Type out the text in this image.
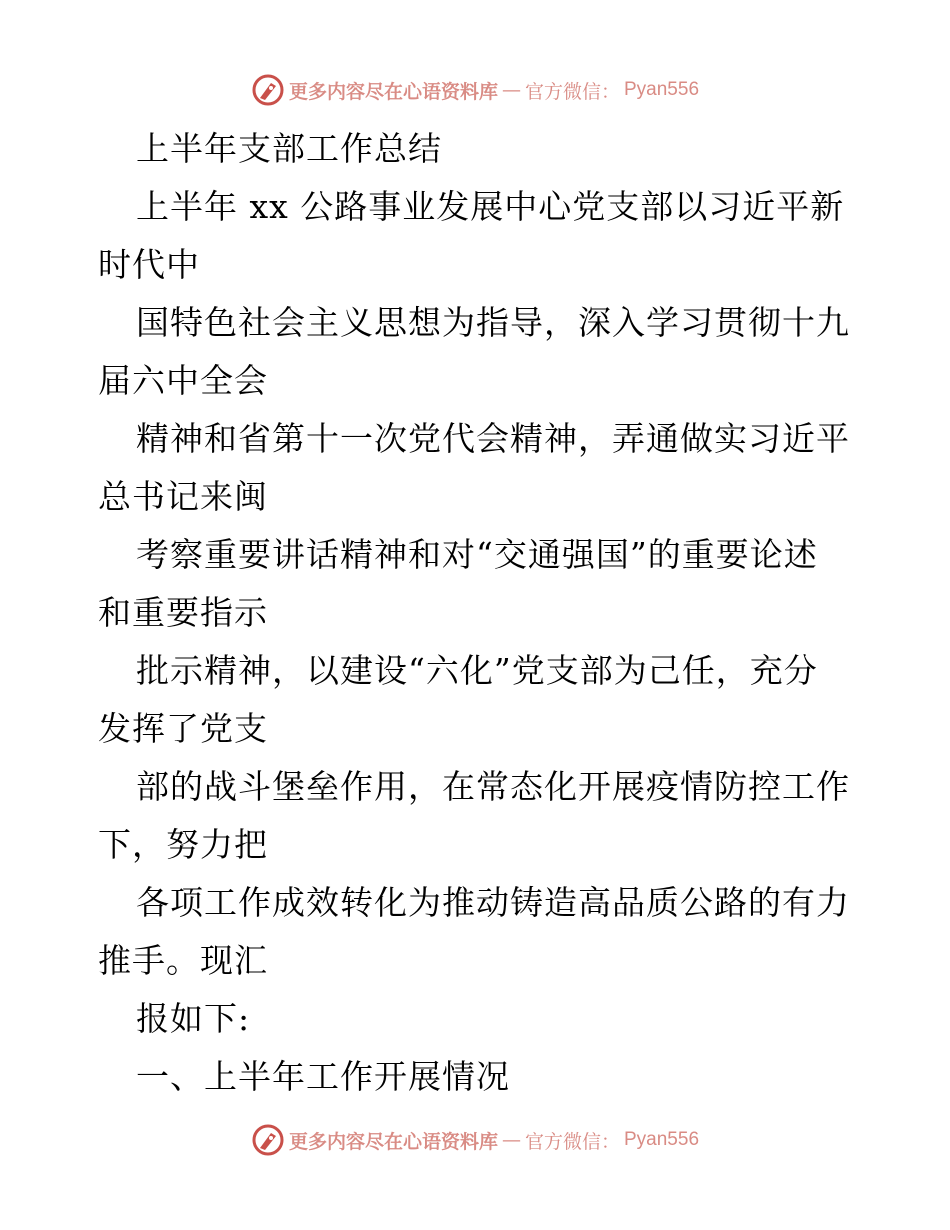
更多内容尽在心语资料库 — 官方微信： Pyan556
上半年支部工作总结
上半年 xx 公路事业发展中心党支部以习近平新
时代中
国特色社会主义思想为指导，深入学习贯彻十九
届六中全会
精神和省第十一次党代会精神，弄通做实习近平
总书记来闽
考察重要讲话精神和对“交通强国”的重要论述
和重要指示
批示精神，以建设“六化”党支部为己任，充分
发挥了党支
部的战斗堡垒作用，在常态化开展疫情防控工作
下，努力把
各项工作成效转化为推动铸造高品质公路的有力
推手。现汇
报如下:
一、上半年工作开展情况
更多内容尽在心语资料库 — 官方微信： Pyan556
